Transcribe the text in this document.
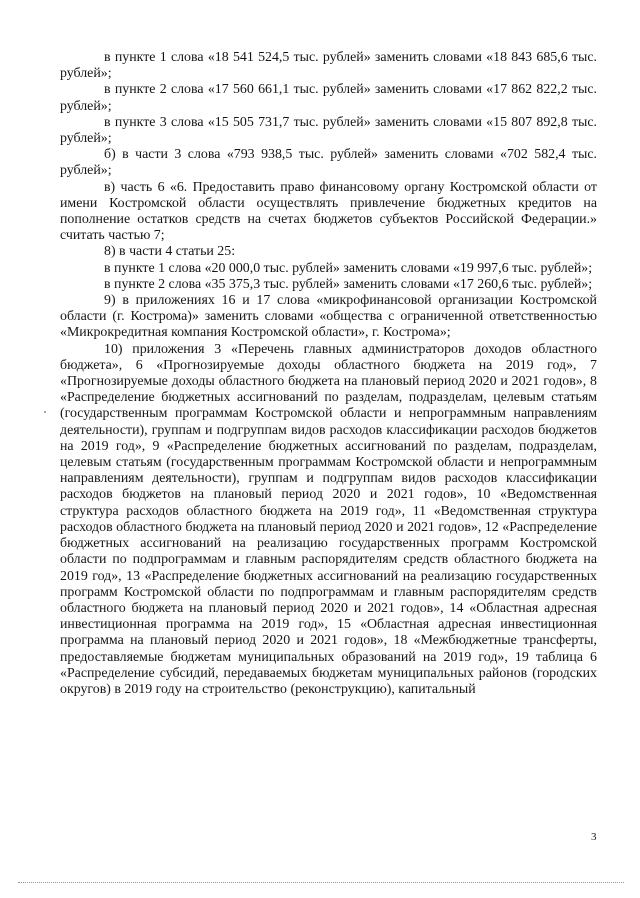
в пункте 1 слова «18 541 524,5 тыс. рублей» заменить словами «18 843 685,6 тыс. рублей»;

в пункте 2 слова «17 560 661,1 тыс. рублей» заменить словами «17 862 822,2 тыс. рублей»;

в пункте 3 слова «15 505 731,7 тыс. рублей» заменить словами «15 807 892,8 тыс. рублей»;

б) в части 3 слова «793 938,5 тыс. рублей» заменить словами «702 582,4 тыс. рублей»;

в) часть 6 «6. Предоставить право финансовому органу Костромской области от имени Костромской области осуществлять привлечение бюджетных кредитов на пополнение остатков средств на счетах бюджетов субъектов Российской Федерации.» считать частью 7;

8) в части 4 статьи 25:

в пункте 1 слова «20 000,0 тыс. рублей» заменить словами «19 997,6 тыс. рублей»;

в пункте 2 слова «35 375,3 тыс. рублей» заменить словами «17 260,6 тыс. рублей»;

9) в приложениях 16 и 17 слова «микрофинансовой организации Костромской области (г. Кострома)» заменить словами «общества с ограниченной ответственностью «Микрокредитная компания Костромской области», г. Кострома»;

10) приложения 3 «Перечень главных администраторов доходов областного бюджета», 6 «Прогнозируемые доходы областного бюджета на 2019 год», 7 «Прогнозируемые доходы областного бюджета на плановый период 2020 и 2021 годов», 8 «Распределение бюджетных ассигнований по разделам, подразделам, целевым статьям (государственным программам Костромской области и непрограммным направлениям деятельности), группам и подгруппам видов расходов классификации расходов бюджетов на 2019 год», 9 «Распределение бюджетных ассигнований по разделам, подразделам, целевым статьям (государственным программам Костромской области и непрограммным направлениям деятельности), группам и подгруппам видов расходов классификации расходов бюджетов на плановый период 2020 и 2021 годов», 10 «Ведомственная структура расходов областного бюджета на 2019 год», 11 «Ведомственная структура расходов областного бюджета на плановый период 2020 и 2021 годов», 12 «Распределение бюджетных ассигнований на реализацию государственных программ Костромской области по подпрограммам и главным распорядителям средств областного бюджета на 2019 год», 13 «Распределение бюджетных ассигнований на реализацию государственных программ Костромской области по подпрограммам и главным распорядителям средств областного бюджета на плановый период 2020 и 2021 годов», 14 «Областная адресная инвестиционная программа на 2019 год», 15 «Областная адресная инвестиционная программа на плановый период 2020 и 2021 годов», 18 «Межбюджетные трансферты, предоставляемые бюджетам муниципальных образований на 2019 год», 19 таблица 6 «Распределение субсидий, передаваемых бюджетам муниципальных районов (городских округов) в 2019 году на строительство (реконструкцию), капитальный

3
